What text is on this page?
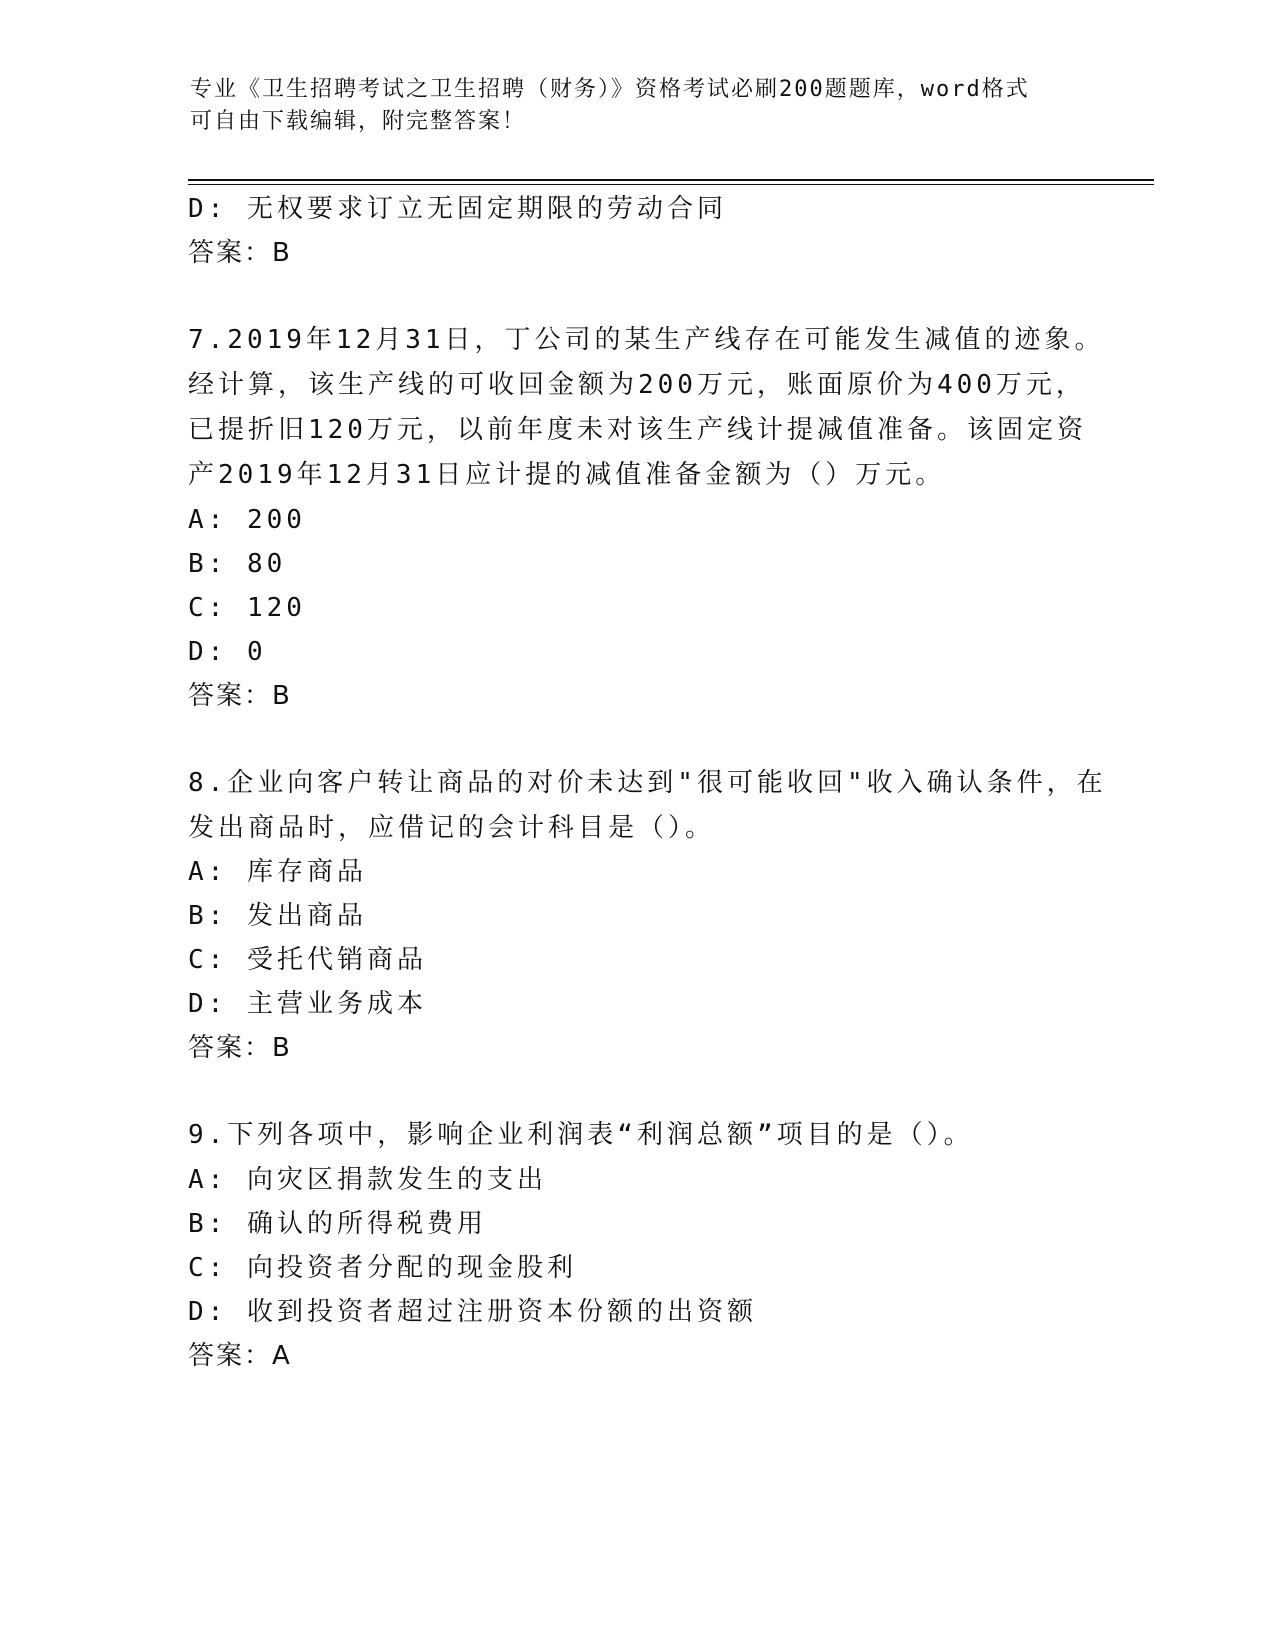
专业《卫生招聘考试之卫生招聘（财务）》资格考试必刷200题题库，word格式
可自由下载编辑，附完整答案！
D: 无权要求订立无固定期限的劳动合同
答案：B
7.2019年12月31日，丁公司的某生产线存在可能发生减值的迹象。
经计算，该生产线的可收回金额为200万元，账面原价为400万元，
已提折旧120万元，以前年度未对该生产线计提减值准备。该固定资
产2019年12月31日应计提的减值准备金额为（）万元。
A: 200
B: 80
C: 120
D: 0
答案：B
8.企业向客户转让商品的对价未达到"很可能收回"收入确认条件，在
发出商品时，应借记的会计科目是（）。
A: 库存商品
B: 发出商品
C: 受托代销商品
D: 主营业务成本
答案：B
9.下列各项中，影响企业利润表“利润总额”项目的是（）。
A: 向灾区捐款发生的支出
B: 确认的所得税费用
C: 向投资者分配的现金股利
D: 收到投资者超过注册资本份额的出资额
答案：A
